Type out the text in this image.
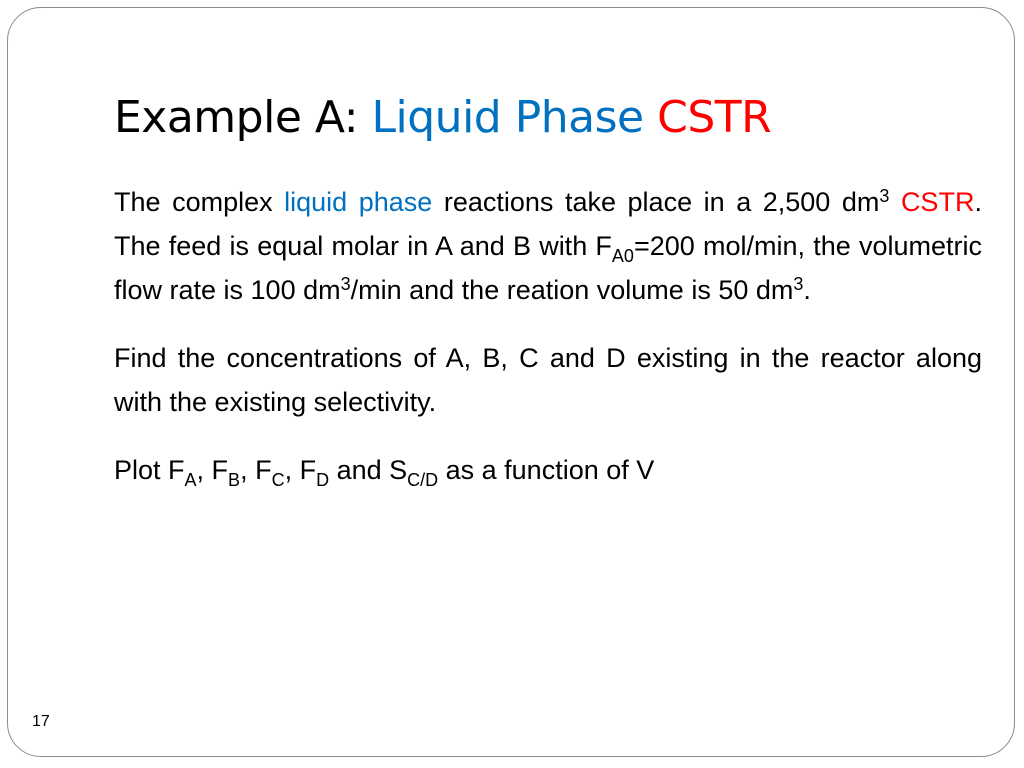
Example A: Liquid Phase CSTR

The complex liquid phase reactions take place in a 2,500 $dm^3$ CSTR. The feed is equal molar in A and B with $F_{A0}=200$ mol/min, the volumetric flow rate is 100 $dm^3/\min$ and the reation volume is 50 $dm^3$.

Find the concentrations of A, B, C and D existing in the reactor along with the existing selectivity.

Plot $F_A$, $F_B$, $F_C$, $F_D$ and $S_{C/D}$ as a function of V

17
